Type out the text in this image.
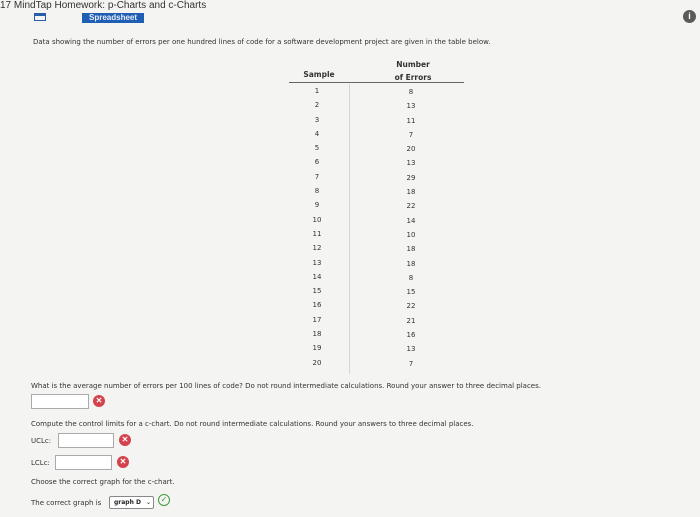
17 MindTap Homework: p-Charts and c-Charts
i
Spreadsheet
Data showing the number of errors per one hundred lines of code for a software development project are given in the table below.
Sample
Number
of Errors
1	8
2	13
3	11
4	7
5	20
6	13
7	29
8	18
9	22
10	14
11	10
12	18
13	18
14	8
15	15
16	22
17	21
18	16
19	13
20	7
What is the average number of errors per 100 lines of code? Do not round intermediate calculations. Round your answer to three decimal places.
✕
Compute the control limits for a c-chart. Do not round intermediate calculations. Round your answers to three decimal places.
UCLc:	✕
LCLc:	✕
Choose the correct graph for the c-chart.
The correct graph is	graph D ⌄	✓
